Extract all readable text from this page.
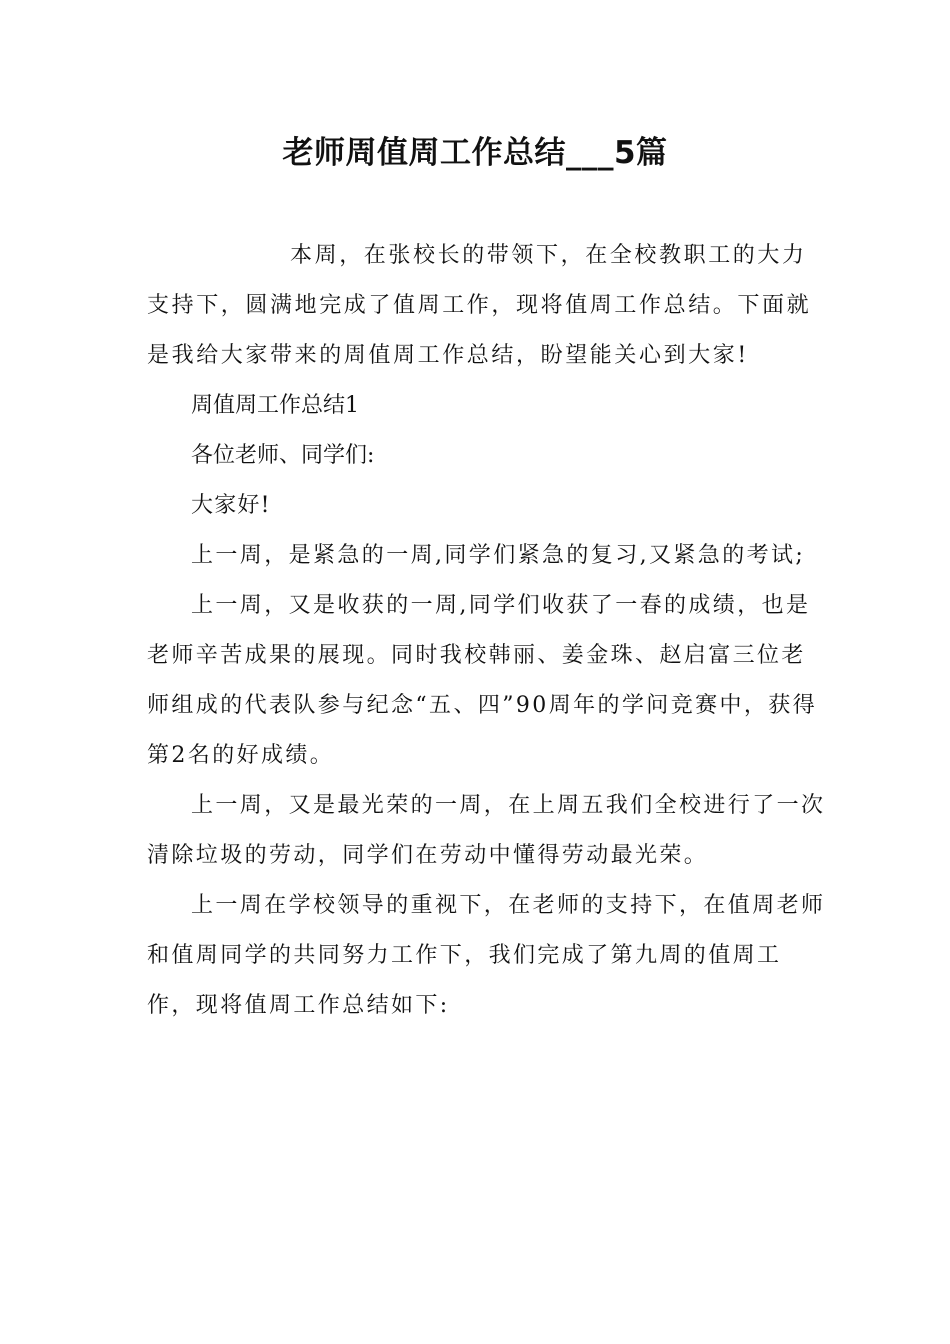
老师周值周工作总结___5篇

本周，在张校长的带领下，在全校教职工的大力支持下，圆满地完成了值周工作，现将值周工作总结。下面就是我给大家带来的周值周工作总结，盼望能关心到大家!

周值周工作总结1

各位老师、同学们:

大家好!

上一周，是紧急的一周,同学们紧急的复习,又紧急的考试;

上一周，又是收获的一周,同学们收获了一春的成绩，也是老师辛苦成果的展现。同时我校韩丽、姜金珠、赵启富三位老师组成的代表队参与纪念“五、四”90周年的学问竞赛中，获得第2名的好成绩。

上一周，又是最光荣的一周，在上周五我们全校进行了一次清除垃圾的劳动，同学们在劳动中懂得劳动最光荣。

上一周在学校领导的重视下，在老师的支持下，在值周老师和值周同学的共同努力工作下，我们完成了第九周的值周工作，现将值周工作总结如下:
